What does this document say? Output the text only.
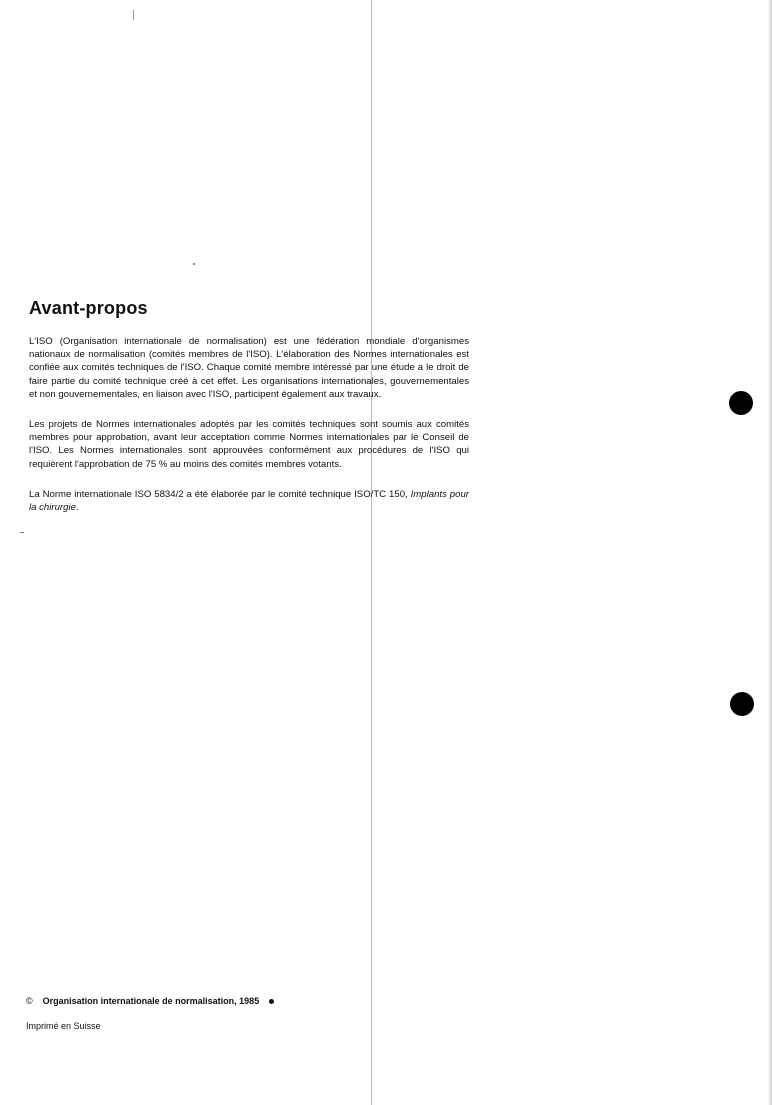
Avant-propos

L'ISO (Organisation internationale de normalisation) est une fédération mondiale d'organismes nationaux de normalisation (comités membres de l'ISO). L'élaboration des Normes internationales est confiée aux comités techniques de l'ISO. Chaque comité membre intéressé par une étude a le droit de faire partie du comité technique créé à cet effet. Les organisations internationales, gouvernementales et non gouvernementales, en liaison avec l'ISO, participent également aux travaux.

Les projets de Normes internationales adoptés par les comités techniques sont soumis aux comités membres pour approbation, avant leur acceptation comme Normes internationales par le Conseil de l'ISO. Les Normes internationales sont approuvées conformément aux procédures de l'ISO qui requièrent l'approbation de 75 % au moins des comités membres votants.

La Norme internationale ISO 5834/2 a été élaborée par le comité technique ISO/TC 150, Implants pour la chirurgie.

© Organisation internationale de normalisation, 1985
Imprimé en Suisse
